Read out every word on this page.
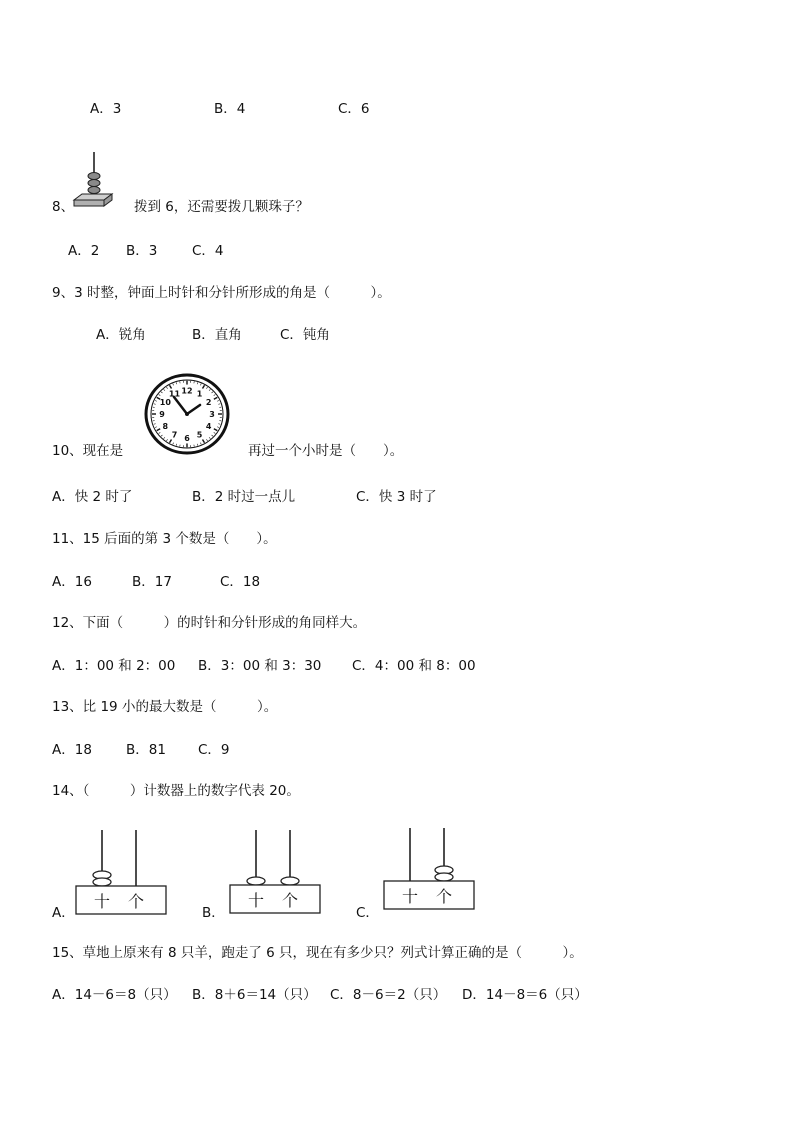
A．3	B．4	C．6
8、	拨到 6，还需要拨几颗珠子？
A．2 B．3	C．4
9、3 时整，钟面上时针和分针所形成的角是（　　　）。
A．锐角	B．直角	C．钝角
12 1
2
3
4
5
6
7
8
9
10
11
10、现在是	再过一个小时是（　　）。
A．快 2 时了	B．2 时过一点儿	C．快 3 时了
11、15 后面的第 3 个数是（　　）。
A．16	B．17	C．18
12、下面（　　　）的时针和分针形成的角同样大。
A．1：00 和 2：00 B．3：00 和 3：30 C．4：00 和 8：00
13、比 19 小的最大数是（　　　）。
A．18	B．81 C．9
14、（　　　）计数器上的数字代表 20。
A．
十 个
B．
十 个
C．
十 个
15、草地上原来有 8 只羊，跑走了 6 只，现在有多少只？列式计算正确的是（　　　）。
A．14－6＝8（只） B．8＋6＝14（只） C．8－6＝2（只） D．14－8＝6（只）
